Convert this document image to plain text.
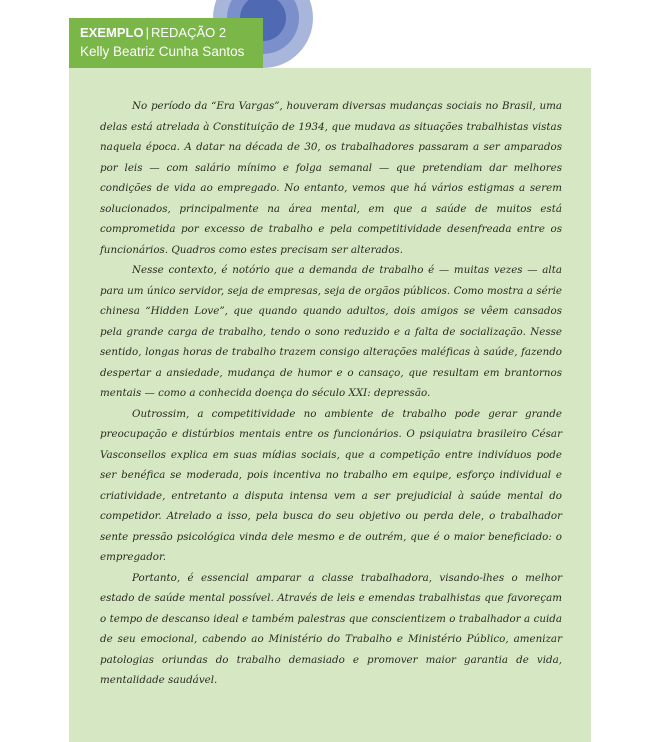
EXEMPLO | REDAÇÃO 2
Kelly Beatriz Cunha Santos

No período da “Era Vargas”, houveram diversas mudanças sociais no Brasil, uma delas está atrelada à Constituição de 1934, que mudava as situações trabalhistas vistas naquela época. A datar na década de 30, os trabalhadores passaram a ser amparados por leis — com salário mínimo e folga semanal — que pretendiam dar melhores condições de vida ao empregado. No entanto, vemos que há vários estigmas a serem solucionados, principalmente na área mental, em que a saúde de muitos está comprometida por excesso de trabalho e pela competitividade desenfreada entre os funcionários. Quadros como estes precisam ser alterados.

Nesse contexto, é notório que a demanda de trabalho é — muitas vezes — alta para um único servidor, seja de empresas, seja de orgãos públicos. Como mostra a série chinesa “Hidden Love”, que quando quando adultos, dois amigos se vêem cansados pela grande carga de trabalho, tendo o sono reduzido e a falta de socialização. Nesse sentido, longas horas de trabalho trazem consigo alterações maléficas à saúde, fazendo despertar a ansiedade, mudança de humor e o cansaço, que resultam em brantornos mentais — como a conhecida doença do século XXI: depressão.

Outrossim, a competitividade no ambiente de trabalho pode gerar grande preocupação e distúrbios mentais entre os funcionários. O psiquiatra brasileiro César Vasconsellos explica em suas mídias sociais, que a competição entre indivíduos pode ser benéfica se moderada, pois incentiva no trabalho em equipe, esforço individual e criatividade, entretanto a disputa intensa vem a ser prejudicial à saúde mental do competidor. Atrelado a isso, pela busca do seu objetivo ou perda dele, o trabalhador sente pressão psicológica vinda dele mesmo e de outrém, que é o maior beneficiado: o empregador.

Portanto, é essencial amparar a classe trabalhadora, visando-lhes o melhor estado de saúde mental possível. Através de leis e emendas trabalhistas que favoreçam o tempo de descanso ideal e também palestras que conscientizem o trabalhador a cuida de seu emocional, cabendo ao Ministério do Trabalho e Ministério Público, amenizar patologias oriundas do trabalho demasiado e promover maior garantia de vida, mentalidade saudável.
